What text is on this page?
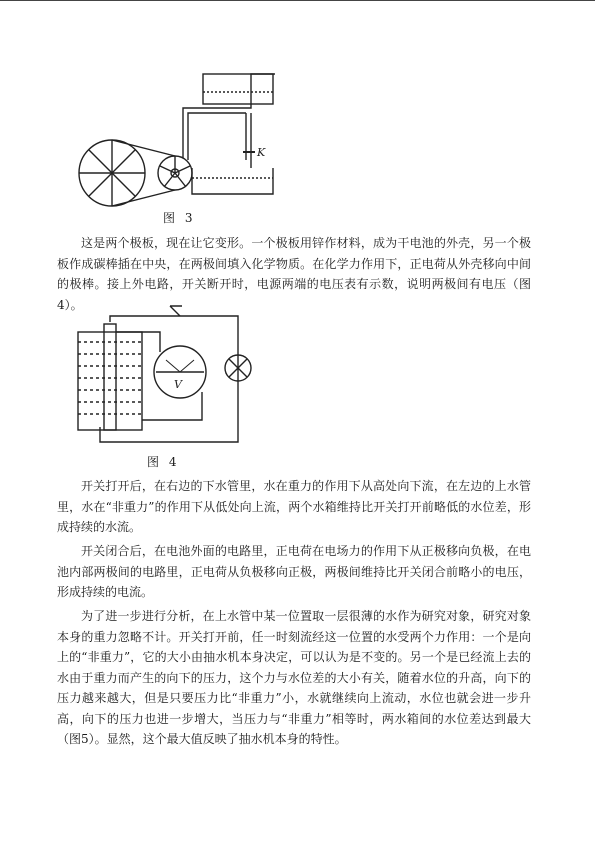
K
图 3

这是两个极板，现在让它变形。一个极板用锌作材料，成为干电池的外壳，另一个极板作成碳棒插在中央，在两极间填入化学物质。在化学力作用下，正电荷从外壳移向中间的极棒。接上外电路，开关断开时，电源两端的电压表有示数，说明两极间有电压（图4）。

V
图 4

开关打开后，在右边的下水管里，水在重力的作用下从高处向下流，在左边的上水管里，水在“非重力”的作用下从低处向上流，两个水箱维持比开关打开前略低的水位差，形成持续的水流。

开关闭合后，在电池外面的电路里，正电荷在电场力的作用下从正极移向负极，在电池内部两极间的电路里，正电荷从负极移向正极，两极间维持比开关闭合前略小的电压，形成持续的电流。

为了进一步进行分析，在上水管中某一位置取一层很薄的水作为研究对象，研究对象本身的重力忽略不计。开关打开前，任一时刻流经这一位置的水受两个力作用：一个是向上的“非重力”，它的大小由抽水机本身决定，可以认为是不变的。另一个是已经流上去的水由于重力而产生的向下的压力，这个力与水位差的大小有关，随着水位的升高，向下的压力越来越大，但是只要压力比“非重力”小，水就继续向上流动，水位也就会进一步升高，向下的压力也进一步增大，当压力与“非重力”相等时，两水箱间的水位差达到最大（图5）。显然，这个最大值反映了抽水机本身的特性。
